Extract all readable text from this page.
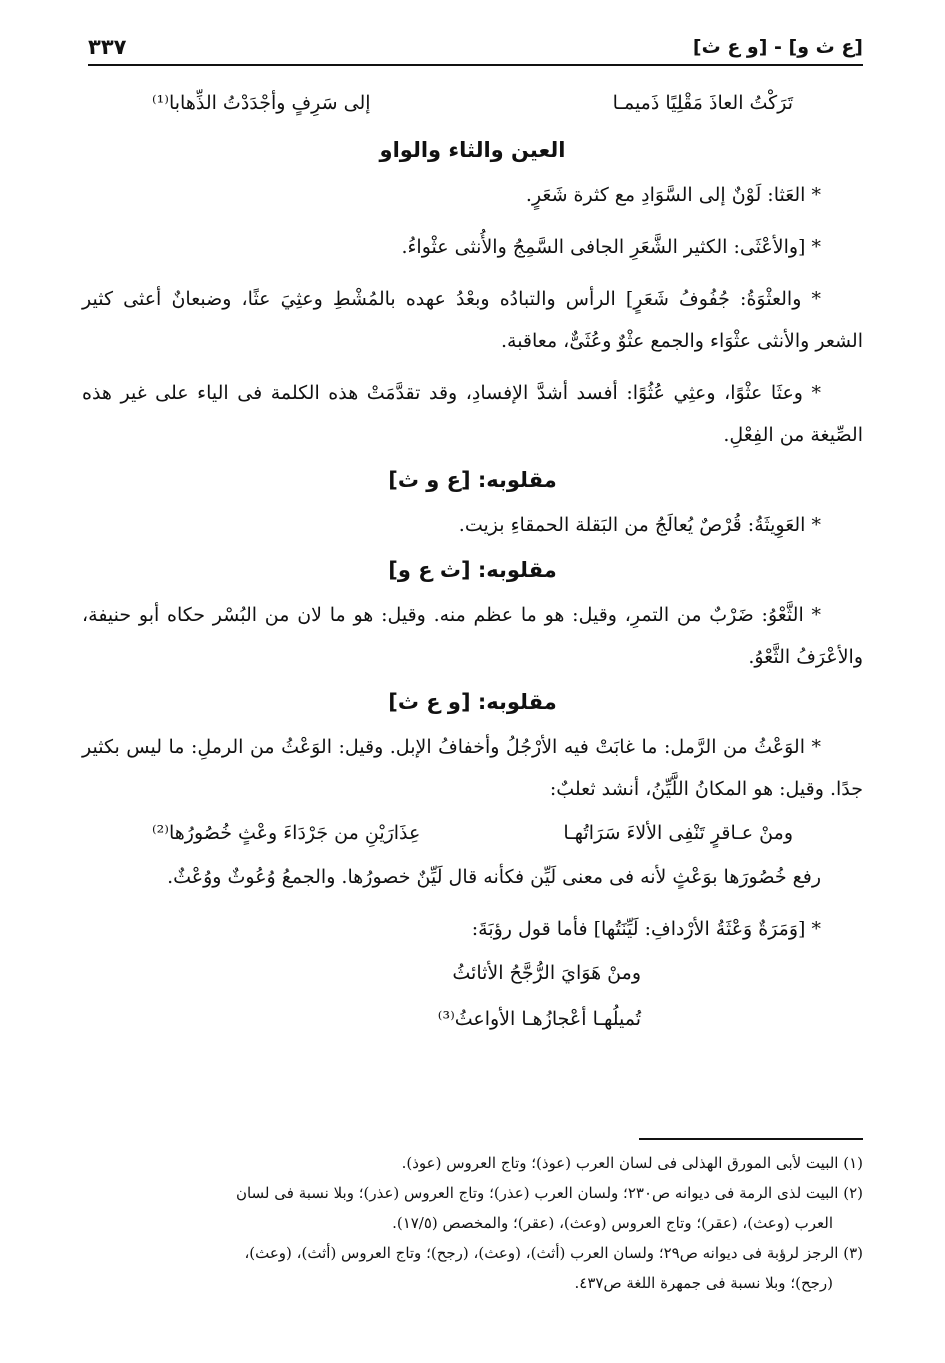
[ع ث و] - [و ع ث]
٣٣٧
تَرَكْتُ العاذَ مَقْلِيًا ذَميمـا
إلى سَرِفٍ وأجْدَدْتُ الذِّهابا⁽¹⁾

العين والثاء والواو

* العَثا: لَوْنٌ إلى السَّوَادِ مع كثرة شَعَرٍ.

* [والأعْثَى: الكثير الشَّعَرِ الجافى السَّمِجُ والأُنثى عثْواءُ.

* والعثْوَةُ: جُفُوفُ شَعَرٍ] الرأس والتبادُه وبعْدُ عهده بالمُشْطِ وعثِيَ عثًا، وضبعانٌ أعثى كثير الشعر والأنثى عثْوَاء والجمع عثْوٌ وعُثَىٌّ، معاقبة.

* وعثَا عثْوًا، وعثِي عُثُوًا: أفسد أشدَّ الإفسادِ، وقد تقدَّمَتْ هذه الكلمة فى الياء على غير هذه الصِّيغة من الفِعْلِ.

مقلوبه: [ع و ث]

* العَوِيثَةُ: قُرْصٌ يُعالَجُ من البَقلة الحمقاءِ بزيت.

مقلوبه: [ث ع و]

* الثَّعْوُ: ضَرْبٌ من التمرِ، وقيل: هو ما عظم منه. وقيل: هو ما لان من البُسْر حكاه أبو حنيفة، والأعْرَفُ الثَّعْوُ.

مقلوبه: [و ع ث]

* الوَعْثُ من الرَّمل: ما غابَتْ فيه الأرْجُلُ وأخفافُ الإبل. وقيل: الوَعْثُ من الرملِ: ما ليس بكثير جدًا. وقيل: هو المكانُ اللَّيِّنُ، أنشد ثعلبٌ:

ومنْ عـاقرٍ تَنْفِى الألاءَ سَرَاتُهـا
عِذَارَيْنِ من جَرْدَاءَ وعْثٍ خُصُورُها⁽²⁾

رفع خُصُورَها بوَعْثٍ لأنه فى معنى لَيِّن فكأنه قال لَيِّنٌ خصورُها. والجمعُ وُعُوثٌ ووُعْثٌ.

* [وَمَرَةٌ وَعْثَةُ الأرْدافِ: لَيِّنَتُها] فأما قول رؤبَةَ:

ومنْ هَوَايَ الرُّجَّحُ الأثائثُ
تُميلُهـا أعْجازُهـا الأواعثُ⁽³⁾

(١) البيت لأبى المورق الهذلى فى لسان العرب (عوذ)؛ وتاج العروس (عوذ).

(٢) البيت لذى الرمة فى ديوانه ص٢٣٠؛ ولسان العرب (عذر)؛ وتاج العروس (عذر)؛ وبلا نسبة فى لسان

العرب (وعث)، (عقر)؛ وتاج العروس (وعث)، (عقر)؛ والمخصص (١٧/٥).

(٣) الرجز لرؤبة فى ديوانه ص٢٩؛ ولسان العرب (أثث)، (وعث)، (رجح)؛ وتاج العروس (أثث)، (وعث)،

(رجح)؛ وبلا نسبة فى جمهرة اللغة ص٤٣٧.
